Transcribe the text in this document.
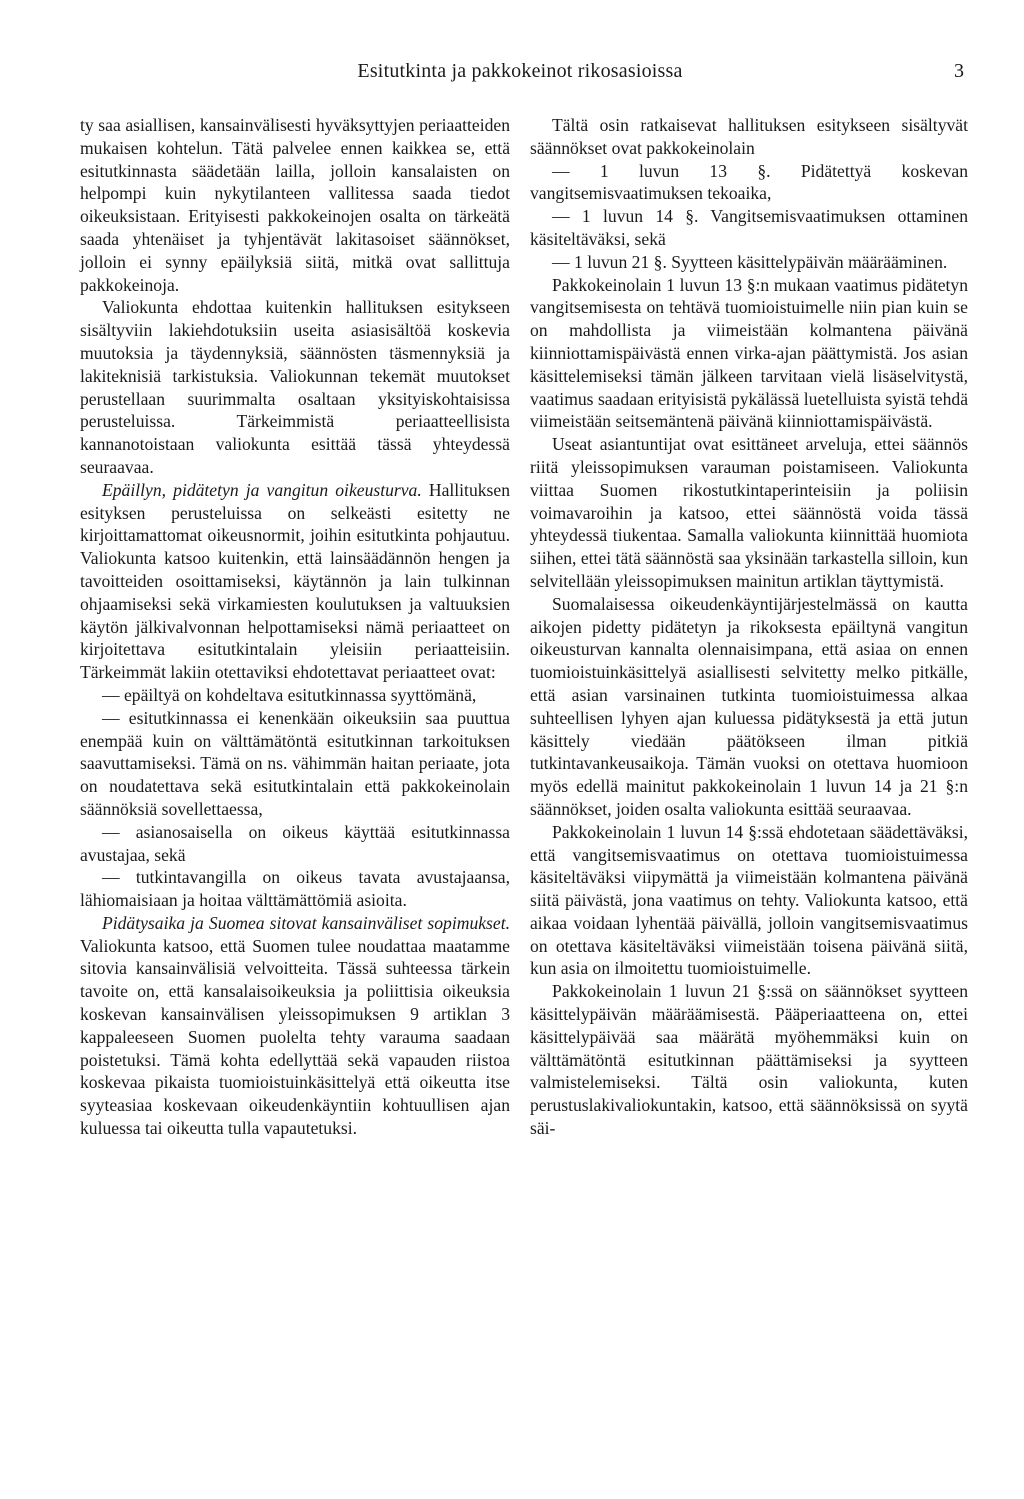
Esitutkinta ja pakkokeinot rikosasioissa	3

ty saa asiallisen, kansainvälisesti hyväksyttyjen periaatteiden mukaisen kohtelun. Tätä palvelee ennen kaikkea se, että esitutkinnasta säädetään lailla, jolloin kansalaisten on helpompi kuin nykytilanteen vallitessa saada tiedot oikeuksistaan. Erityisesti pakkokeinojen osalta on tärkeätä saada yhtenäiset ja tyhjentävät lakitasoiset säännökset, jolloin ei synny epäilyksiä siitä, mitkä ovat sallittuja pakkokeinoja.

Valiokunta ehdottaa kuitenkin hallituksen esitykseen sisältyviin lakiehdotuksiin useita asiasisältöä koskevia muutoksia ja täydennyksiä, säännösten täsmennyksiä ja lakiteknisiä tarkistuksia. Valiokunnan tekemät muutokset perustellaan suurimmalta osaltaan yksityiskohtaisissa perusteluissa. Tärkeimmistä periaatteellisista kannanotoistaan valiokunta esittää tässä yhteydessä seuraavaa.

Epäillyn, pidätetyn ja vangitun oikeusturva. Hallituksen esityksen perusteluissa on selkeästi esitetty ne kirjoittamattomat oikeusnormit, joihin esitutkinta pohjautuu. Valiokunta katsoo kuitenkin, että lainsäädännön hengen ja tavoitteiden osoittamiseksi, käytännön ja lain tulkinnan ohjaamiseksi sekä virkamiesten koulutuksen ja valtuuksien käytön jälkivalvonnan helpottamiseksi nämä periaatteet on kirjoitettava esitutkintalain yleisiin periaatteisiin. Tärkeimmät lakiin otettaviksi ehdotettavat periaatteet ovat:

— epäiltyä on kohdeltava esitutkinnassa syyttömänä,

— esitutkinnassa ei kenenkään oikeuksiin saa puuttua enempää kuin on välttämätöntä esitutkinnan tarkoituksen saavuttamiseksi. Tämä on ns. vähimmän haitan periaate, jota on noudatettava sekä esitutkintalain että pakkokeinolain säännöksiä sovellettaessa,

— asianosaisella on oikeus käyttää esitutkinnassa avustajaa, sekä

— tutkintavangilla on oikeus tavata avustajaansa, lähiomaisiaan ja hoitaa välttämättömiä asioita.

Pidätysaika ja Suomea sitovat kansainväliset sopimukset. Valiokunta katsoo, että Suomen tulee noudattaa maatamme sitovia kansainvälisiä velvoitteita. Tässä suhteessa tärkein tavoite on, että kansalaisoikeuksia ja poliittisia oikeuksia koskevan kansainvälisen yleissopimuksen 9 artiklan 3 kappaleeseen Suomen puolelta tehty varauma saadaan poistetuksi. Tämä kohta edellyttää sekä vapauden riistoa koskevaa pikaista tuomioistuinkäsittelyä että oikeutta itse syyteasiaa koskevaan oikeudenkäyntiin kohtuullisen ajan kuluessa tai oikeutta tulla vapautetuksi.

Tältä osin ratkaisevat hallituksen esitykseen sisältyvät säännökset ovat pakkokeinolain

— 1 luvun 13 §. Pidätettyä koskevan vangitsemisvaatimuksen tekoaika,

— 1 luvun 14 §. Vangitsemisvaatimuksen ottaminen käsiteltäväksi, sekä

— 1 luvun 21 §. Syytteen käsittelypäivän määrääminen.

Pakkokeinolain 1 luvun 13 §:n mukaan vaatimus pidätetyn vangitsemisesta on tehtävä tuomioistuimelle niin pian kuin se on mahdollista ja viimeistään kolmantena päivänä kiinniottamispäivästä ennen virka-ajan päättymistä. Jos asian käsittelemiseksi tämän jälkeen tarvitaan vielä lisäselvitystä, vaatimus saadaan erityisistä pykälässä luetelluista syistä tehdä viimeistään seitsemäntenä päivänä kiinniottamispäivästä.

Useat asiantuntijat ovat esittäneet arveluja, ettei säännös riitä yleissopimuksen varauman poistamiseen. Valiokunta viittaa Suomen rikostutkintaperinteisiin ja poliisin voimavaroihin ja katsoo, ettei säännöstä voida tässä yhteydessä tiukentaa. Samalla valiokunta kiinnittää huomiota siihen, ettei tätä säännöstä saa yksinään tarkastella silloin, kun selvitellään yleissopimuksen mainitun artiklan täyttymistä.

Suomalaisessa oikeudenkäyntijärjestelmässä on kautta aikojen pidetty pidätetyn ja rikoksesta epäiltynä vangitun oikeusturvan kannalta olennaisimpana, että asiaa on ennen tuomioistuinkäsittelyä asiallisesti selvitetty melko pitkälle, että asian varsinainen tutkinta tuomioistuimessa alkaa suhteellisen lyhyen ajan kuluessa pidätyksestä ja että jutun käsittely viedään päätökseen ilman pitkiä tutkintavankeusaikoja. Tämän vuoksi on otettava huomioon myös edellä mainitut pakkokeinolain 1 luvun 14 ja 21 §:n säännökset, joiden osalta valiokunta esittää seuraavaa.

Pakkokeinolain 1 luvun 14 §:ssä ehdotetaan säädettäväksi, että vangitsemisvaatimus on otettava tuomioistuimessa käsiteltäväksi viipymättä ja viimeistään kolmantena päivänä siitä päivästä, jona vaatimus on tehty. Valiokunta katsoo, että aikaa voidaan lyhentää päivällä, jolloin vangitsemisvaatimus on otettava käsiteltäväksi viimeistään toisena päivänä siitä, kun asia on ilmoitettu tuomioistuimelle.

Pakkokeinolain 1 luvun 21 §:ssä on säännökset syytteen käsittelypäivän määräämisestä. Pääperiaatteena on, ettei käsittelypäivää saa määrätä myöhemmäksi kuin on välttämätöntä esitutkinnan päättämiseksi ja syytteen valmistelemiseksi. Tältä osin valiokunta, kuten perustuslakivaliokuntakin, katsoo, että säännöksissä on syytä säi-
